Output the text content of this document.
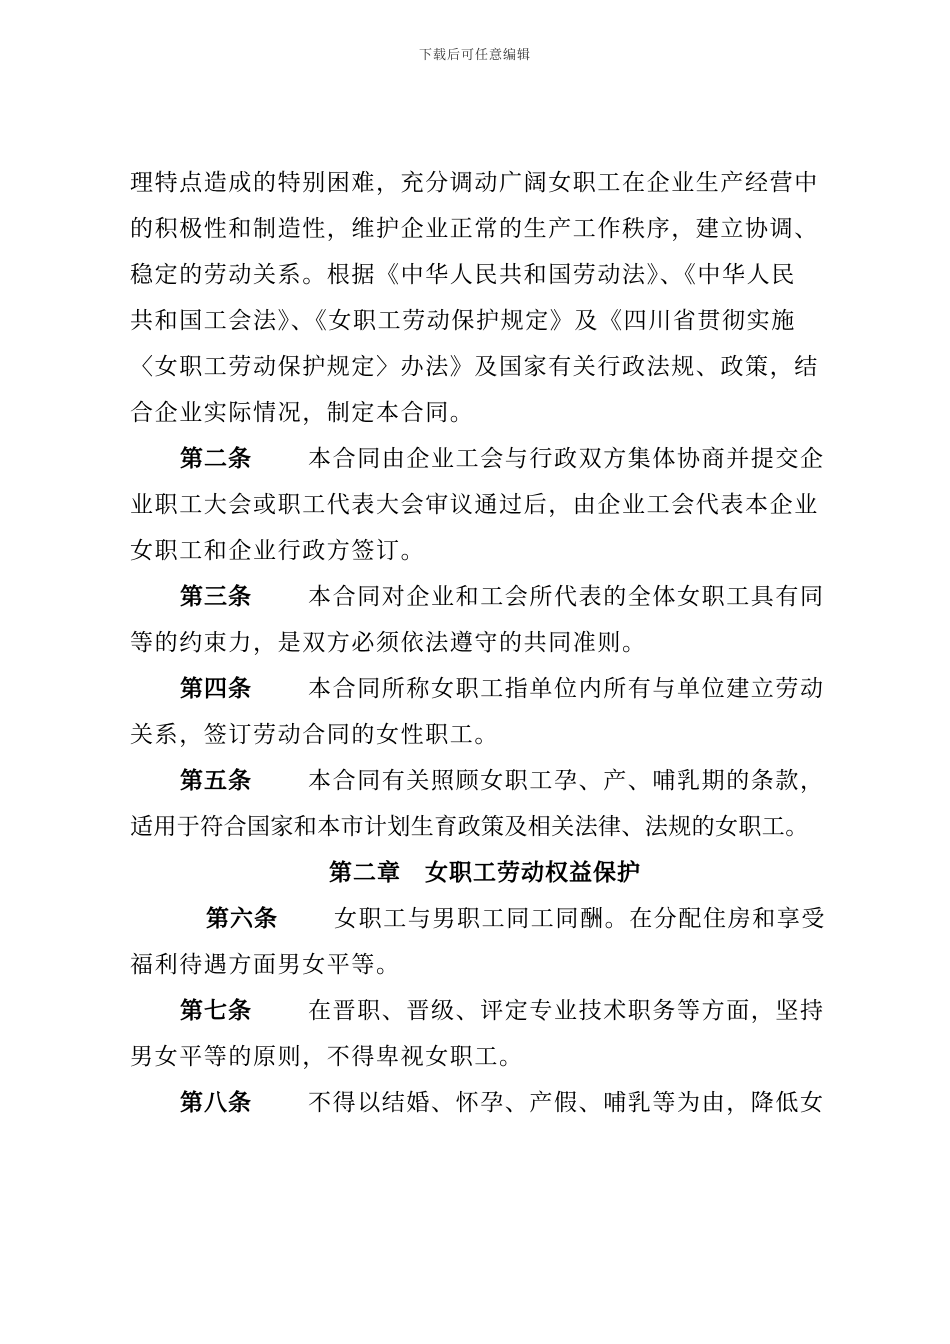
下载后可任意编辑
理特点造成的特别困难，充分调动广阔女职工在企业生产经营中
的积极性和制造性，维护企业正常的生产工作秩序，建立协调、
稳定的劳动关系。根据《中华人民共和国劳动法》、《中华人民
共和国工会法》、《女职工劳动保护规定》及《四川省贯彻实施
〈女职工劳动保护规定〉办法》及国家有关行政法规、政策，结
合企业实际情况，制定本合同。
第二条 本合同由企业工会与行政双方集体协商并提交企
业职工大会或职工代表大会审议通过后，由企业工会代表本企业
女职工和企业行政方签订。
第三条 本合同对企业和工会所代表的全体女职工具有同
等的约束力，是双方必须依法遵守的共同准则。
第四条 本合同所称女职工指单位内所有与单位建立劳动
关系，签订劳动合同的女性职工。
第五条 本合同有关照顾女职工孕、产、哺乳期的条款，
适用于符合国家和本市计划生育政策及相关法律、法规的女职工。
第二章 女职工劳动权益保护
第六条 女职工与男职工同工同酬。在分配住房和享受
福利待遇方面男女平等。
第七条 在晋职、晋级、评定专业技术职务等方面，坚持
男女平等的原则，不得卑视女职工。
第八条 不得以结婚、怀孕、产假、哺乳等为由，降低女
